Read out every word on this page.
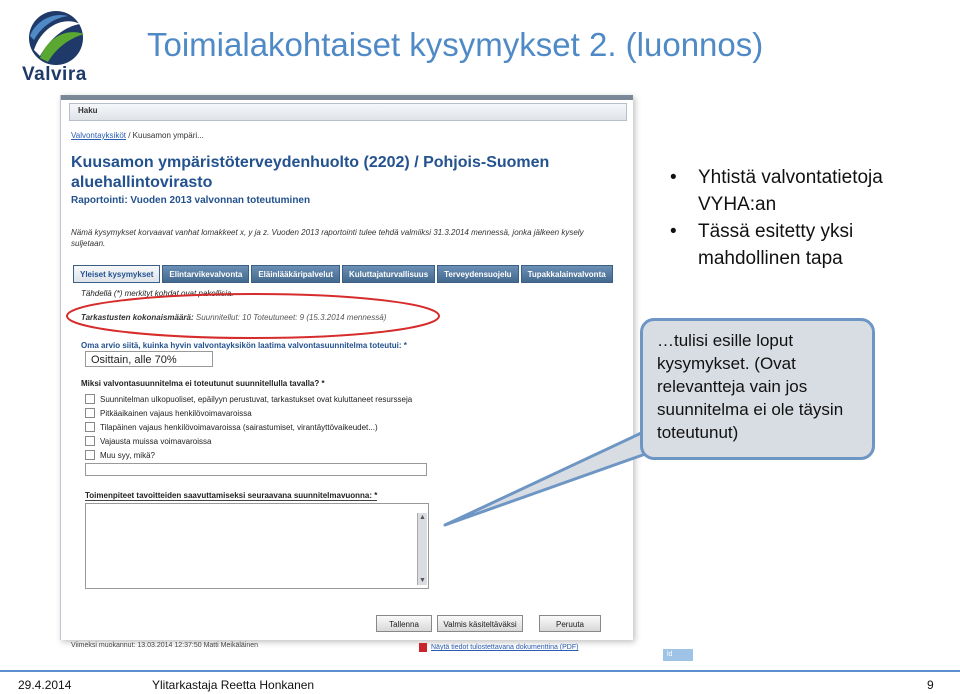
Valvira
Toimialakohtaiset kysymykset 2. (luonnos)
Haku
Valvontayksiköt / Kuusamon ympäri...
Kuusamon ympäristöterveydenhuolto (2202) / Pohjois-Suomen aluehallintovirasto
Raportointi: Vuoden 2013 valvonnan toteutuminen
Nämä kysymykset korvaavat vanhat lomakkeet x, y ja z. Vuoden 2013 raportointi tulee tehdä valmiiksi 31.3.2014 mennessä, jonka jälkeen kysely suljetaan.
Yleiset kysymykset	Elintarvikevalvonta	Eläinlääkäripalvelut	Kuluttajaturvallisuus	Terveydensuojelu	Tupakkalainvalvonta
Tähdellä (*) merkityt kohdat ovat pakollisia.
Tarkastusten kokonaismäärä: Suunnitellut: 10 Toteutuneet: 9 (15.3.2014 mennessä)
Oma arvio siitä, kuinka hyvin valvontayksikön laatima valvontasuunnitelma toteutui: *
Osittain, alle 70%
Miksi valvontasuunnitelma ei toteutunut suunnitellulla tavalla? *
Suunnitelman ulkopuoliset, epäilyyn perustuvat, tarkastukset ovat kuluttaneet resursseja
Pitkäaikainen vajaus henkilövoimavaroissa
Tilapäinen vajaus henkilövoimavaroissa (sairastumiset, virantäyttövaikeudet...)
Vajausta muissa voimavaroissa
Muu syy, mikä?
Toimenpiteet tavoitteiden saavuttamiseksi seuraavana suunnitelmavuonna: *
▲
▼
Tallenna	Valmis käsiteltäväksi	Peruuta
Viimeksi muokannut: 13.03.2014 12:37:50 Matti Meikäläinen	Näytä tiedot tulostettavana dokumenttina (PDF)
ld
•	Yhtistä valvontatietoja VYHA:an
•	Tässä esitetty yksi mahdollinen tapa
…tulisi esille loput kysymykset. (Ovat relevantteja vain jos suunnitelma ei ole täysin toteutunut)
29.4.2014	Ylitarkastaja Reetta Honkanen	9
